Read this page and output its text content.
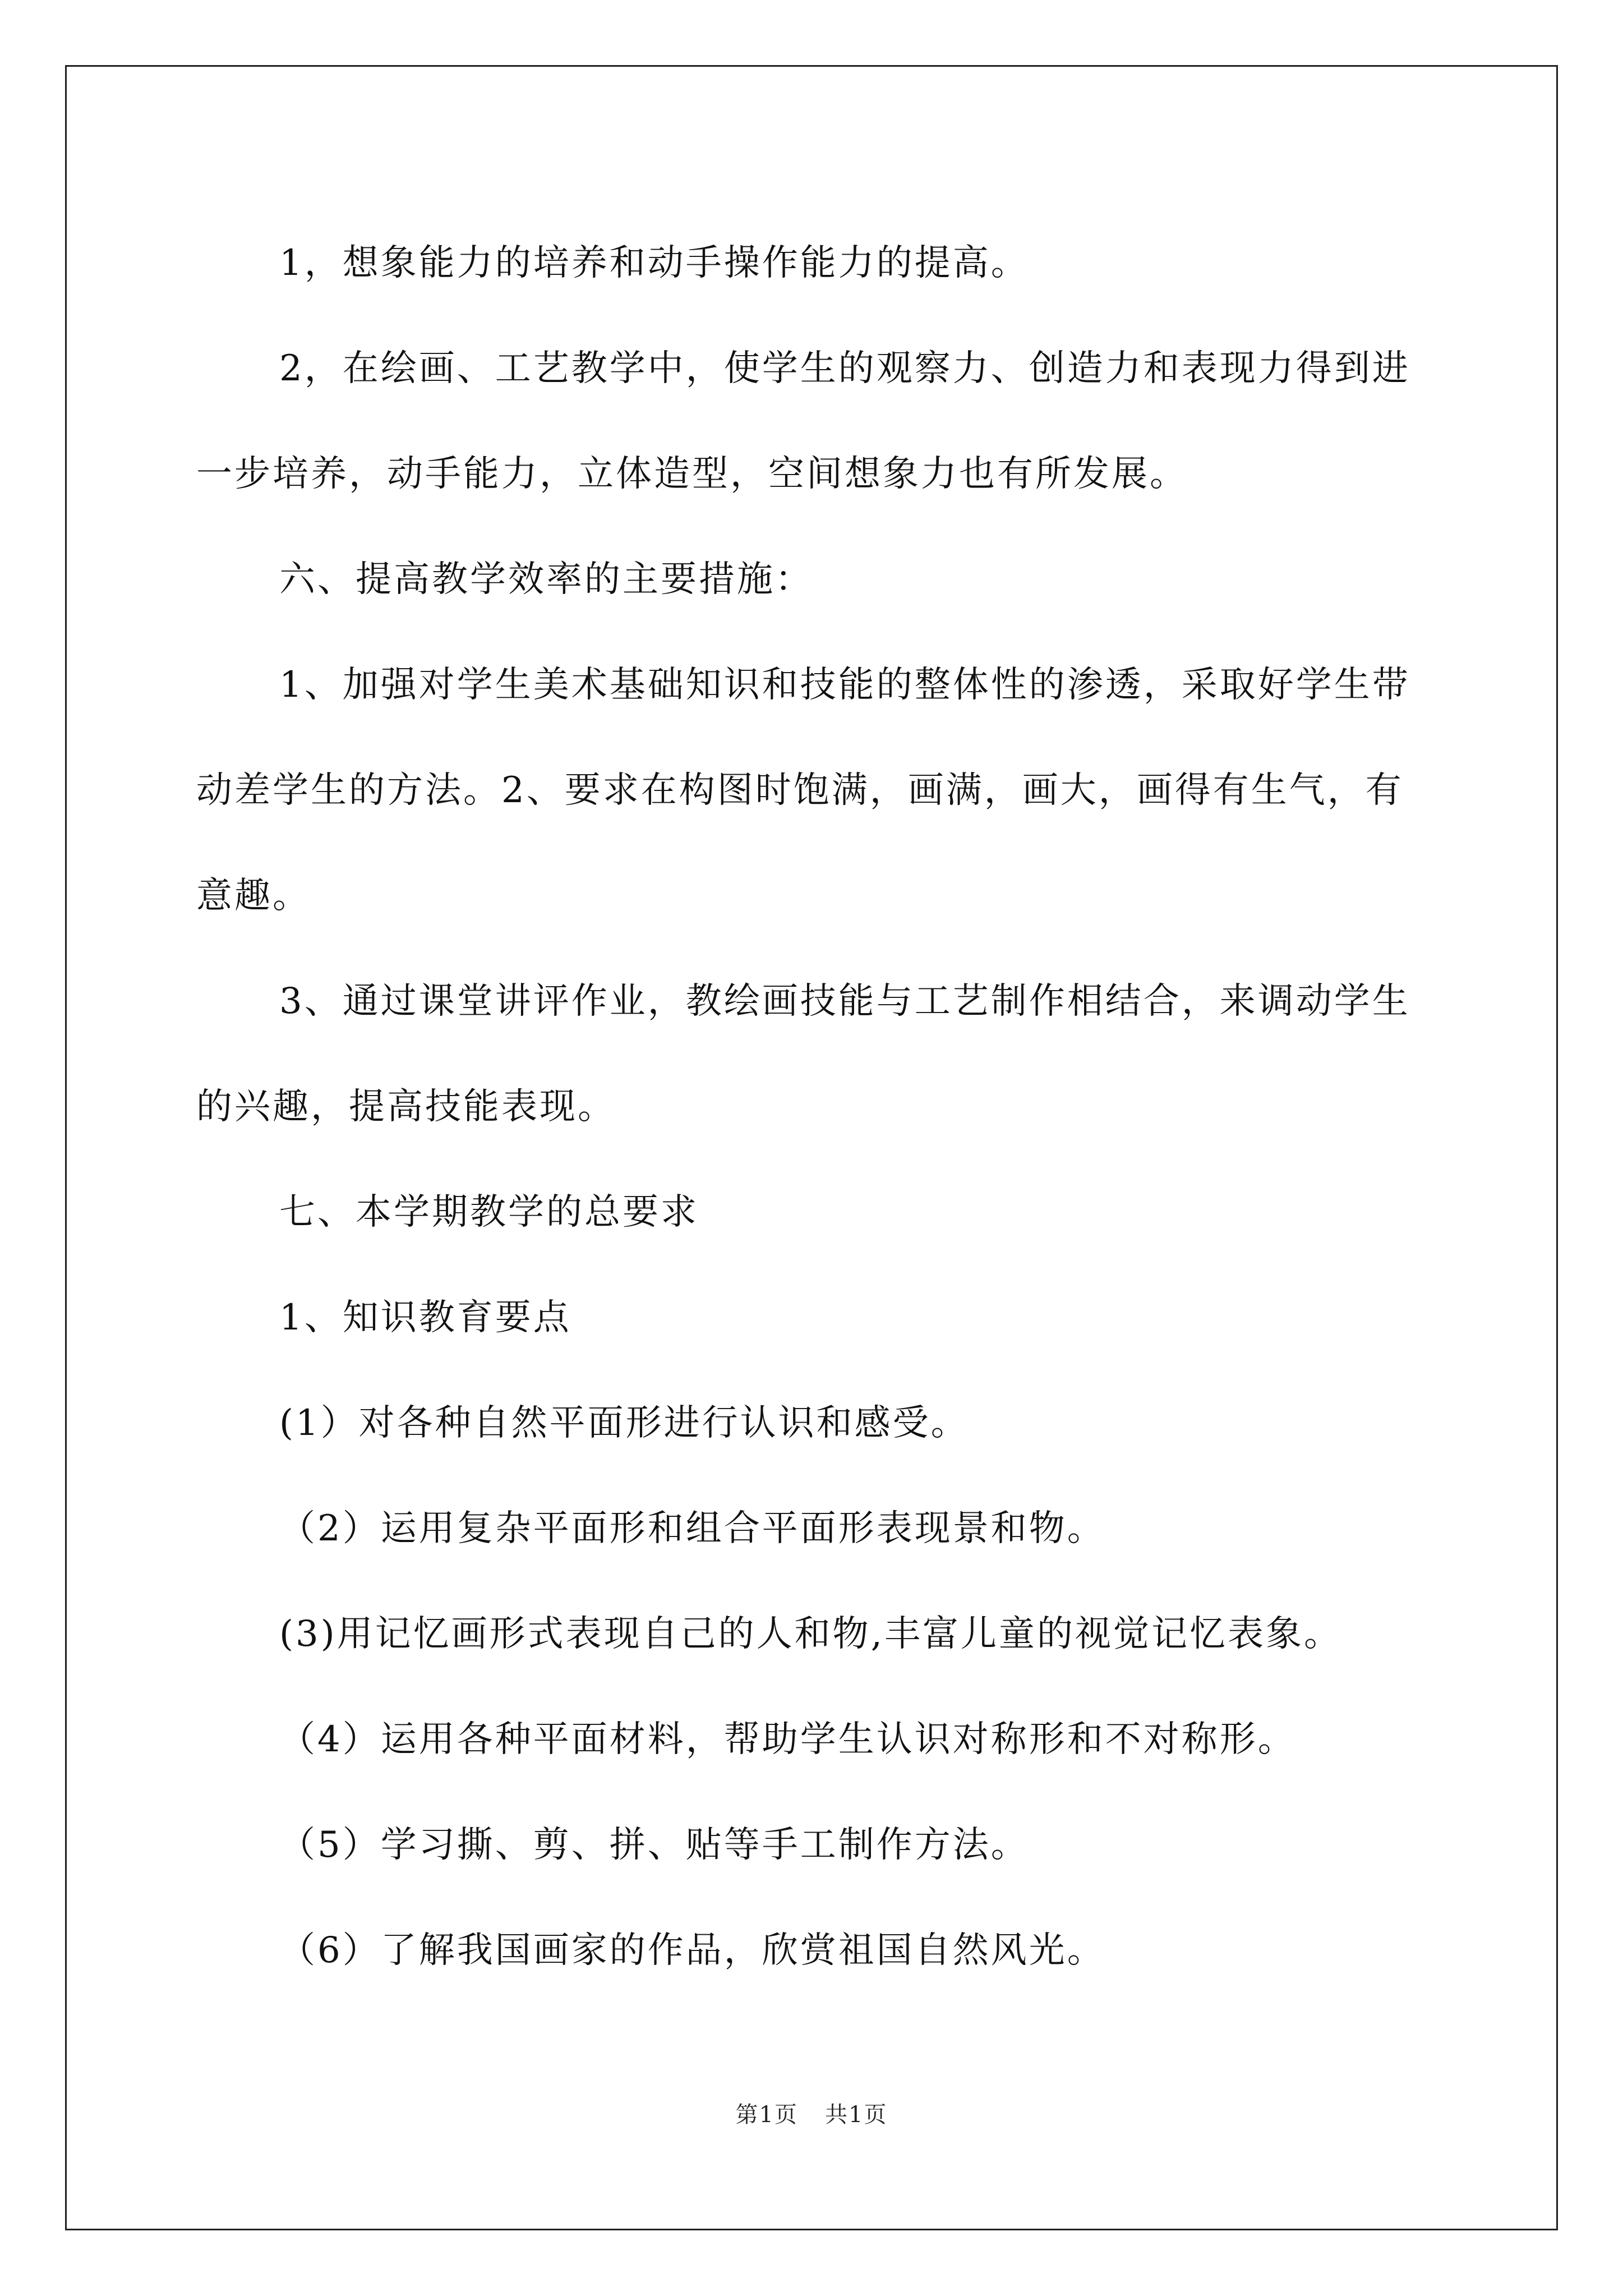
1，想象能力的培养和动手操作能力的提高。

2，在绘画、工艺教学中，使学生的观察力、创造力和表现力得到进一步培养，动手能力，立体造型，空间想象力也有所发展。

六、提高教学效率的主要措施：

1、加强对学生美术基础知识和技能的整体性的渗透，采取好学生带动差学生的方法。2、要求在构图时饱满，画满，画大，画得有生气，有意趣。

3、通过课堂讲评作业，教绘画技能与工艺制作相结合，来调动学生的兴趣，提高技能表现。

七、本学期教学的总要求

1、知识教育要点

(1）对各种自然平面形进行认识和感受。

（2）运用复杂平面形和组合平面形表现景和物。

(3)用记忆画形式表现自己的人和物,丰富儿童的视觉记忆表象。

（4）运用各种平面材料，帮助学生认识对称形和不对称形。

（5）学习撕、剪、拼、贴等手工制作方法。

（6）了解我国画家的作品，欣赏祖国自然风光。

第1页 共1页
